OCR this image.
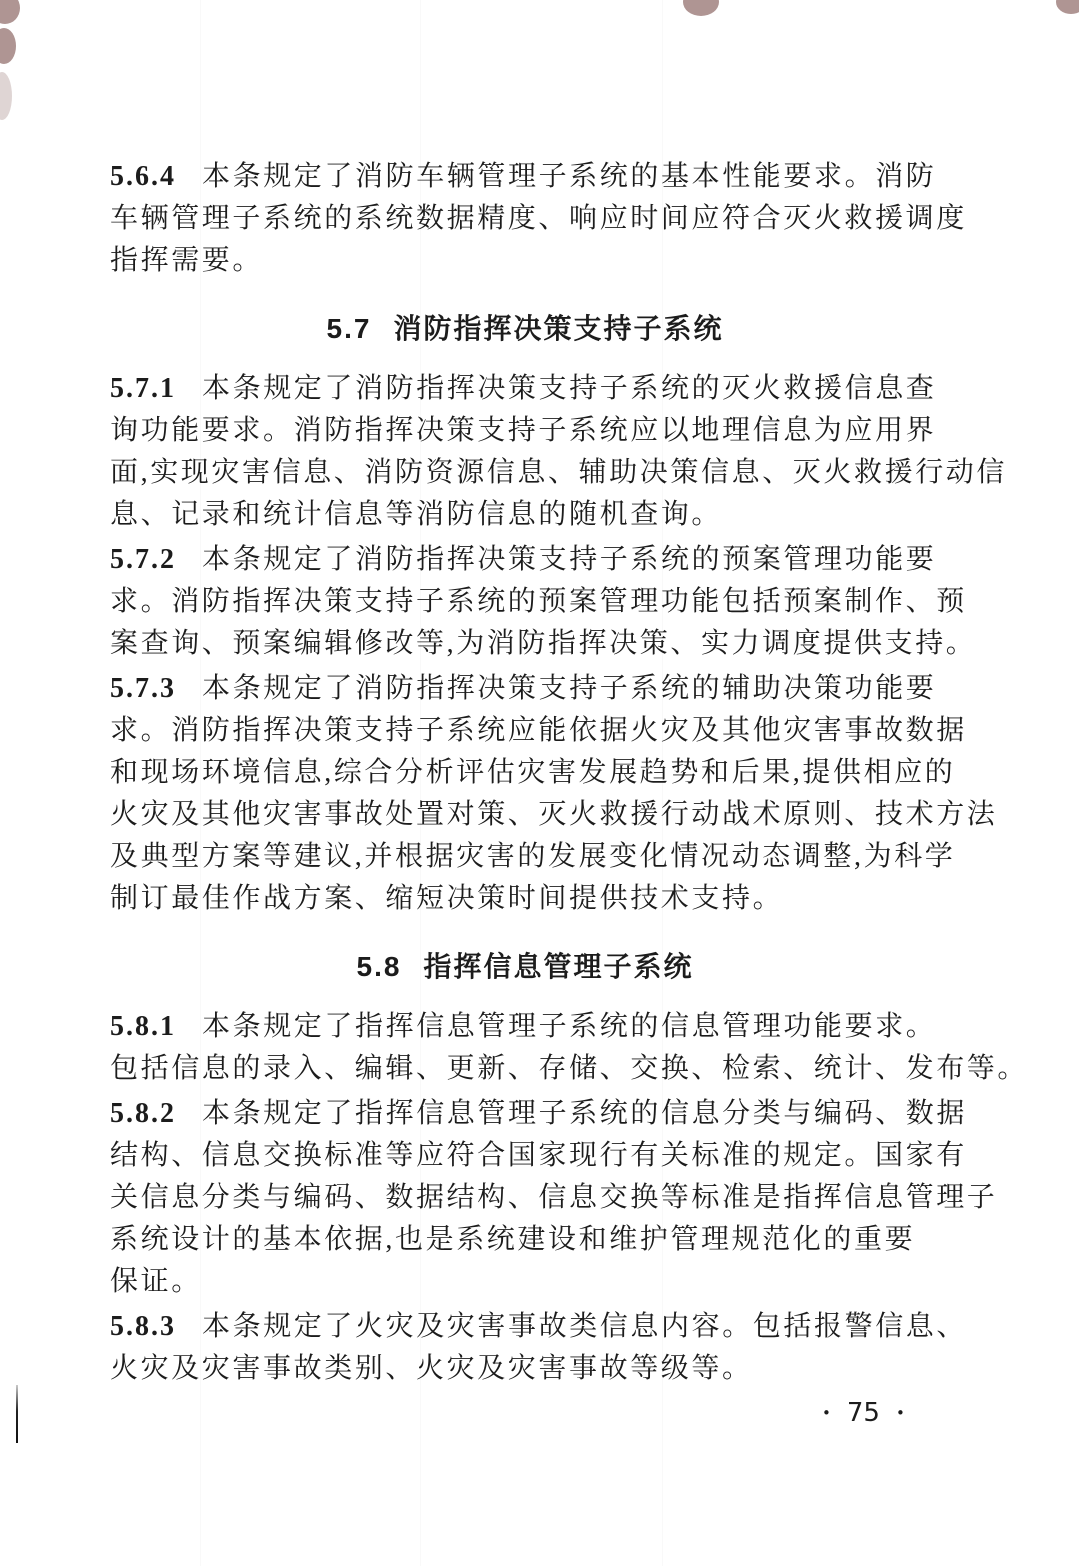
5.6.4 本条规定了消防车辆管理子系统的基本性能要求。消防
车辆管理子系统的系统数据精度、响应时间应符合灭火救援调度
指挥需要。
5.7 消防指挥决策支持子系统
5.7.1 本条规定了消防指挥决策支持子系统的灭火救援信息查
询功能要求。消防指挥决策支持子系统应以地理信息为应用界
面,实现灾害信息、消防资源信息、辅助决策信息、灭火救援行动信
息、记录和统计信息等消防信息的随机查询。
5.7.2 本条规定了消防指挥决策支持子系统的预案管理功能要
求。消防指挥决策支持子系统的预案管理功能包括预案制作、预
案查询、预案编辑修改等,为消防指挥决策、实力调度提供支持。
5.7.3 本条规定了消防指挥决策支持子系统的辅助决策功能要
求。消防指挥决策支持子系统应能依据火灾及其他灾害事故数据
和现场环境信息,综合分析评估灾害发展趋势和后果,提供相应的
火灾及其他灾害事故处置对策、灭火救援行动战术原则、技术方法
及典型方案等建议,并根据灾害的发展变化情况动态调整,为科学
制订最佳作战方案、缩短决策时间提供技术支持。
5.8 指挥信息管理子系统
5.8.1 本条规定了指挥信息管理子系统的信息管理功能要求。
包括信息的录入、编辑、更新、存储、交换、检索、统计、发布等。
5.8.2 本条规定了指挥信息管理子系统的信息分类与编码、数据
结构、信息交换标准等应符合国家现行有关标准的规定。国家有
关信息分类与编码、数据结构、信息交换等标准是指挥信息管理子
系统设计的基本依据,也是系统建设和维护管理规范化的重要
保证。
5.8.3 本条规定了火灾及灾害事故类信息内容。包括报警信息、
火灾及灾害事故类别、火灾及灾害事故等级等。
• 75 •
